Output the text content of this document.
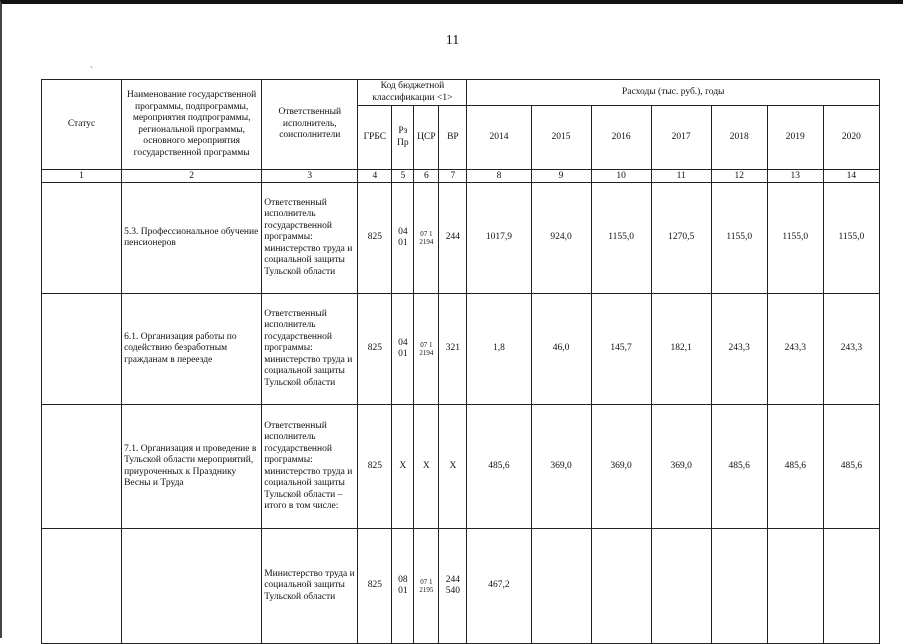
11
ˏ
Статус	Наименование государственной программы, подпрограммы, мероприятия подпрограммы, региональной программы, основного мероприятия государственной программы	Ответственный исполнитель, соисполнители	Код бюджетной классификации <1>				Расходы (тыс. руб.), годы						
			ГРБС	Рз Пр	ЦСР	ВР	2014	2015	2016	2017	2018	2019	2020
1	2	3	4	5	6	7	8	9	10	11	12	13	14
	5.3. Профессиональное обучение пенсионеров	Ответственный исполнитель государственной программы: министерство труда и социальной защиты Тульской области	825	04 01	07 1 2194	244	1017,9	924,0	1155,0	1270,5	1155,0	1155,0	1155,0
	6.1. Организация работы по содействию безработным гражданам в переезде	Ответственный исполнитель государственной программы: министерство труда и социальной защиты Тульской области	825	04 01	07 1 2194	321	1,8	46,0	145,7	182,1	243,3	243,3	243,3
	7.1. Организация и проведение в Тульской области мероприятий, приуроченных к Празднику Весны и Труда	Ответственный исполнитель государственной программы: министерство труда и социальной защиты Тульской области – итого в том числе:	825	X	X	X	485,6	369,0	369,0	369,0	485,6	485,6	485,6
		Министерство труда и социальной защиты Тульской области	825	08 01	07 1 2195	244 540	467,2						
